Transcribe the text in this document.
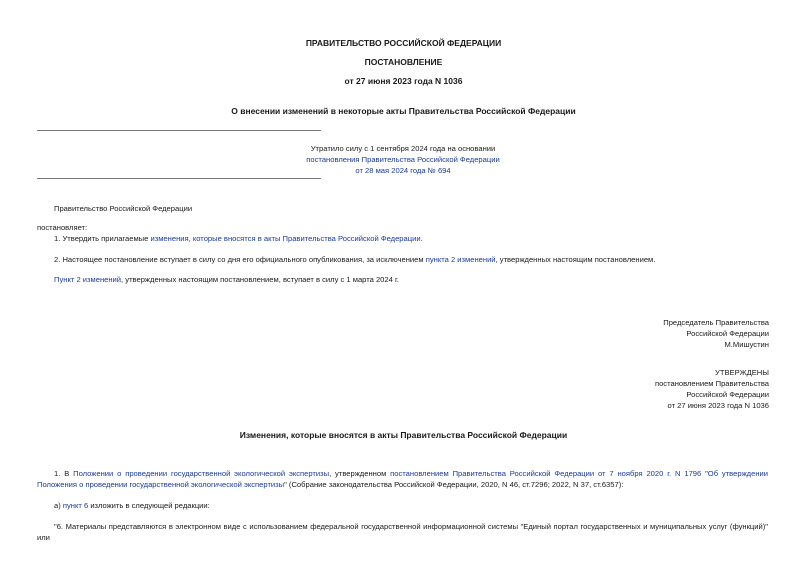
ПРАВИТЕЛЬСТВО РОССИЙСКОЙ ФЕДЕРАЦИИ
ПОСТАНОВЛЕНИЕ
от 27 июня 2023 года N 1036
О внесении изменений в некоторые акты Правительства Российской Федерации
Утратило силу с 1 сентября 2024 года на основании
постановления Правительства Российской Федерации
от 28 мая 2024 года № 694
Правительство Российской Федерации
постановляет:
1. Утвердить прилагаемые изменения, которые вносятся в акты Правительства Российской Федерации.
2. Настоящее постановление вступает в силу со дня его официального опубликования, за исключением пункта 2 изменений, утвержденных настоящим постановлением.
Пункт 2 изменений, утвержденных настоящим постановлением, вступает в силу с 1 марта 2024 г.
Председатель Правительства
Российской Федерации
М.Мишустин
УТВЕРЖДЕНЫ
постановлением Правительства
Российской Федерации
от 27 июня 2023 года N 1036
Изменения, которые вносятся в акты Правительства Российской Федерации
1. В Положении о проведении государственной экологической экспертизы, утвержденном постановлением Правительства Российской Федерации от 7 ноября 2020 г. N 1796 "Об утверждении Положения о проведении государственной экологической экспертизы" (Собрание законодательства Российской Федерации, 2020, N 46, ст.7296; 2022, N 37, ст.6357):
а) пункт 6 изложить в следующей редакции:
"6. Материалы представляются в электронном виде с использованием федеральной государственной информационной системы "Единый портал государственных и муниципальных услуг (функций)" или
